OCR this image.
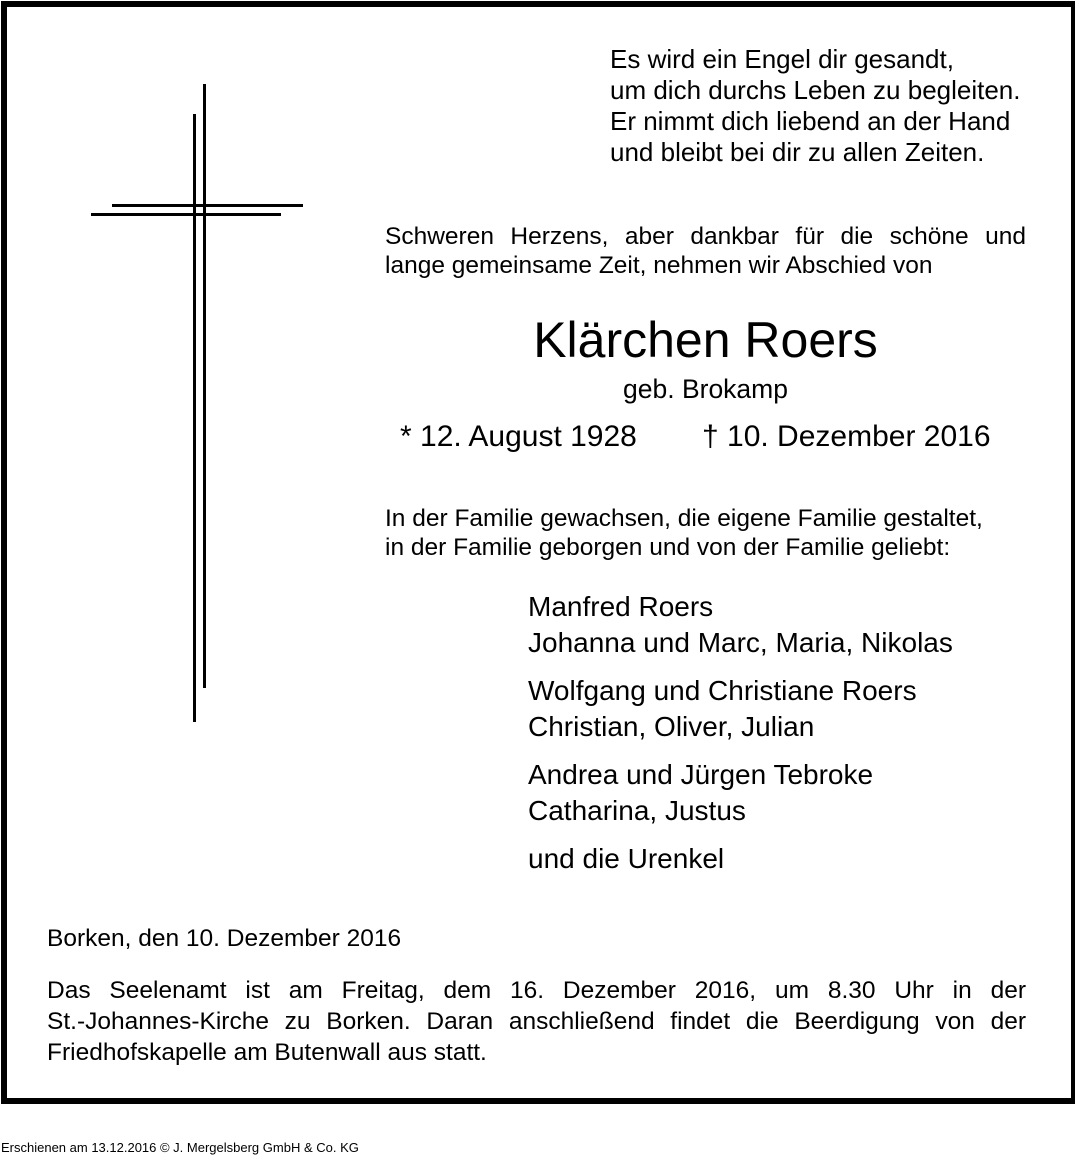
Es wird ein Engel dir gesandt,
um dich durchs Leben zu begleiten.
Er nimmt dich liebend an der Hand
und bleibt bei dir zu allen Zeiten.
Schweren Herzens, aber dankbar für die schöne und
lange gemeinsame Zeit, nehmen wir Abschied von
Klärchen Roers
geb. Brokamp
* 12. August 1928 † 10. Dezember 2016
In der Familie gewachsen, die eigene Familie gestaltet,
in der Familie geborgen und von der Familie geliebt:
Manfred Roers
Johanna und Marc, Maria, Nikolas
Wolfgang und Christiane Roers
Christian, Oliver, Julian
Andrea und Jürgen Tebroke
Catharina, Justus
und die Urenkel
Borken, den 10. Dezember 2016
Das Seelenamt ist am Freitag, dem 16. Dezember 2016, um 8.30 Uhr in der
St.-Johannes-Kirche zu Borken. Daran anschließend findet die Beerdigung von der
Friedhofskapelle am Butenwall aus statt.
Erschienen am 13.12.2016 © J. Mergelsberg GmbH & Co. KG
